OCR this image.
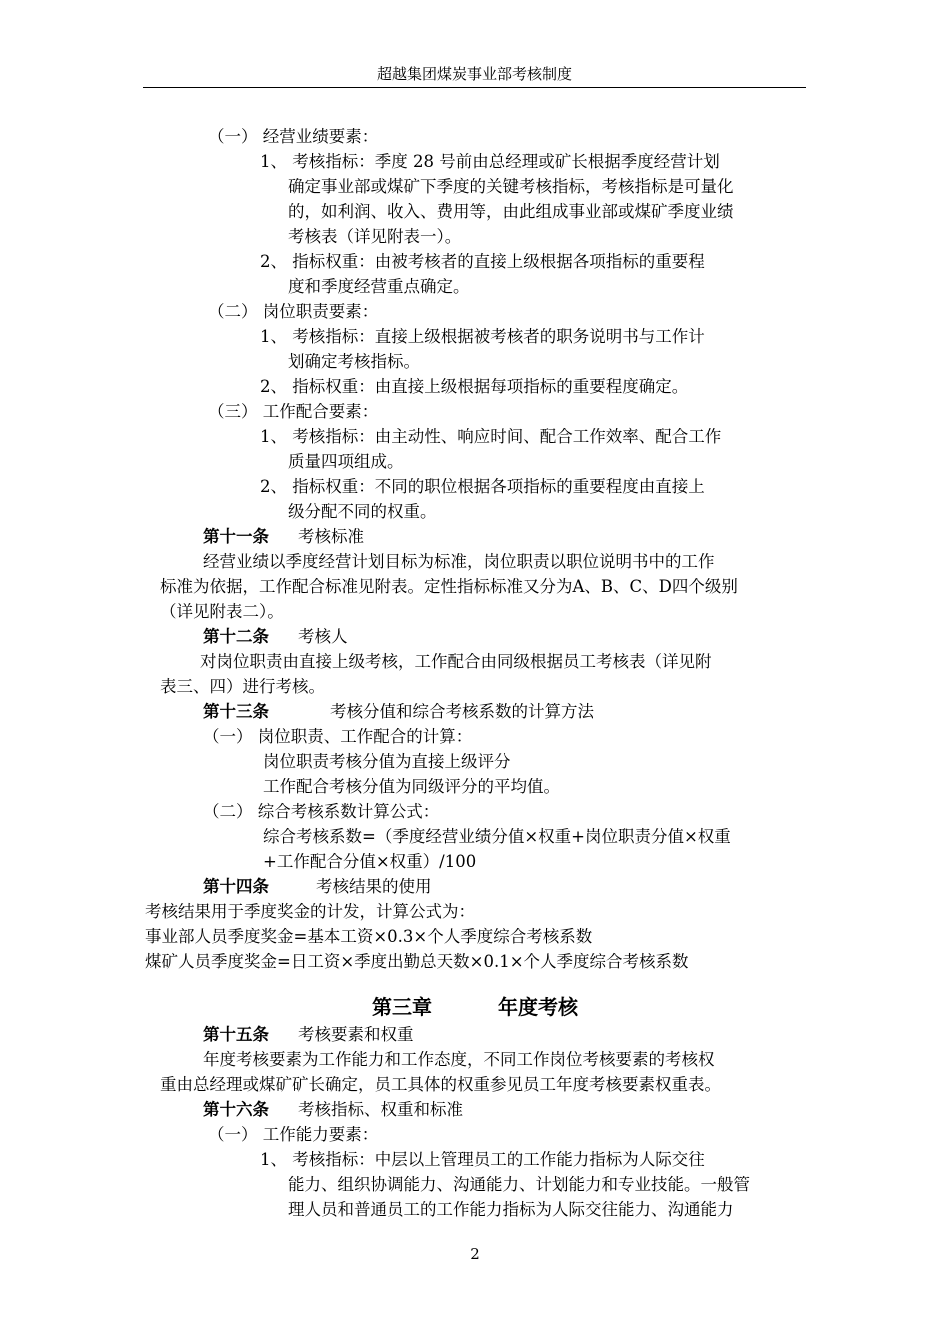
超越集团煤炭事业部考核制度
（一） 经营业绩要素：
1、 考核指标：季度 28 号前由总经理或矿长根据季度经营计划
确定事业部或煤矿下季度的关键考核指标，考核指标是可量化
的，如利润、收入、费用等，由此组成事业部或煤矿季度业绩
考核表（详见附表一）。
2、 指标权重：由被考核者的直接上级根据各项指标的重要程
度和季度经营重点确定。
（二） 岗位职责要素：
1、 考核指标：直接上级根据被考核者的职务说明书与工作计
划确定考核指标。
2、 指标权重：由直接上级根据每项指标的重要程度确定。
（三） 工作配合要素：
1、 考核指标：由主动性、响应时间、配合工作效率、配合工作
质量四项组成。
2、 指标权重：不同的职位根据各项指标的重要程度由直接上
级分配不同的权重。
第十一条 考核标准
经营业绩以季度经营计划目标为标准，岗位职责以职位说明书中的工作
标准为依据，工作配合标准见附表。定性指标标准又分为A、B、C、D四个级别
（详见附表二）。
第十二条 考核人
对岗位职责由直接上级考核，工作配合由同级根据员工考核表（详见附
表三、四）进行考核。
第十三条	考核分值和综合考核系数的计算方法
（一） 岗位职责、工作配合的计算：
岗位职责考核分值为直接上级评分
工作配合考核分值为同级评分的平均值。
（二） 综合考核系数计算公式：
综合考核系数=（季度经营业绩分值×权重+岗位职责分值×权重
+工作配合分值×权重）/100
第十四条	考核结果的使用
考核结果用于季度奖金的计发，计算公式为：
事业部人员季度奖金=基本工资×0.3×个人季度综合考核系数
煤矿人员季度奖金=日工资×季度出勤总天数×0.1×个人季度综合考核系数
第三章	年度考核
第十五条 考核要素和权重
年度考核要素为工作能力和工作态度，不同工作岗位考核要素的考核权
重由总经理或煤矿矿长确定，员工具体的权重参见员工年度考核要素权重表。
第十六条 考核指标、权重和标准
（一） 工作能力要素：
1、 考核指标：中层以上管理员工的工作能力指标为人际交往
能力、组织协调能力、沟通能力、计划能力和专业技能。一般管
理人员和普通员工的工作能力指标为人际交往能力、沟通能力
2
